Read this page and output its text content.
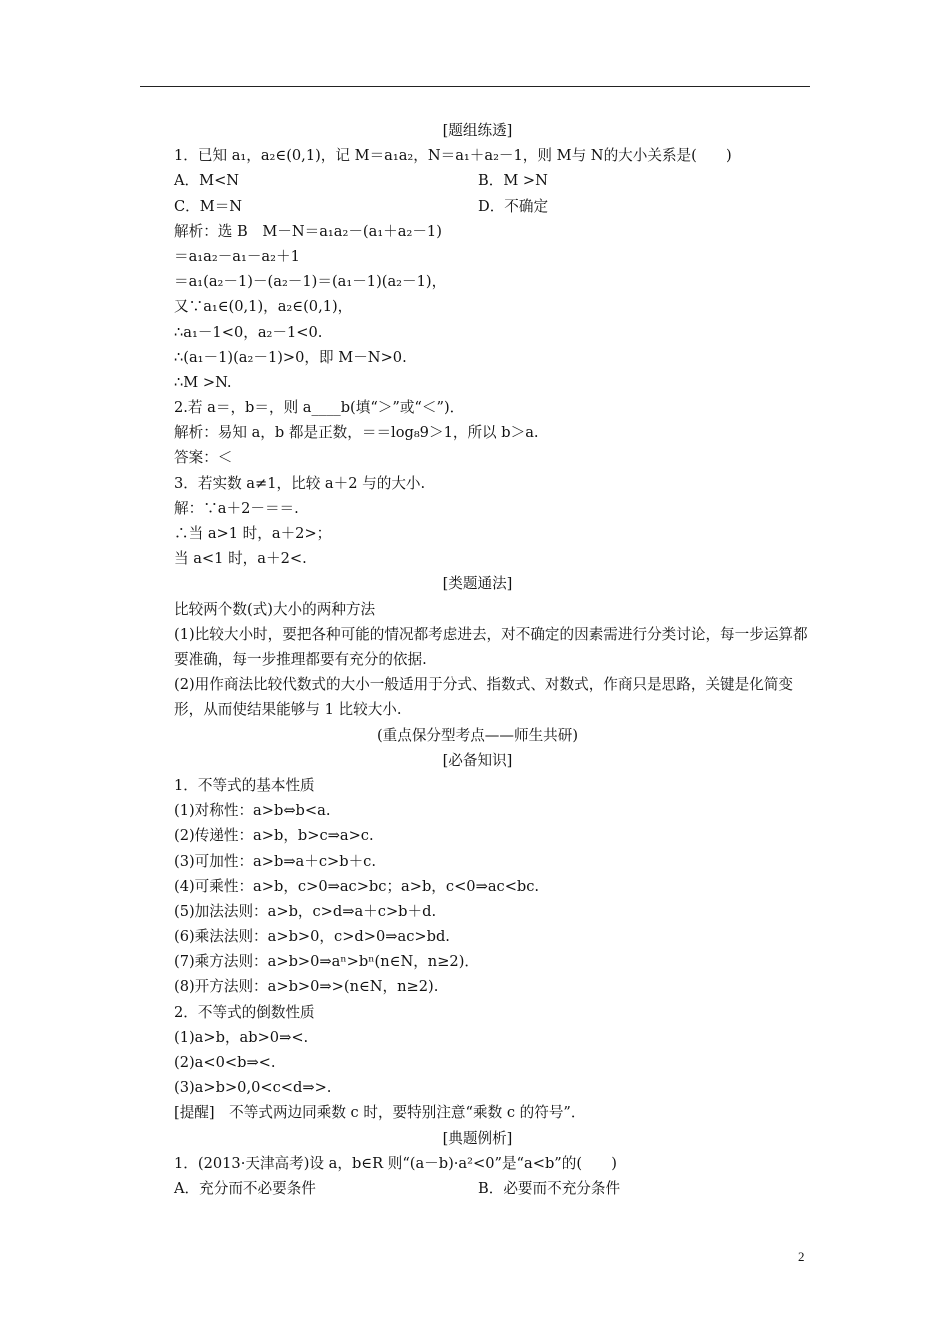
[题组练透]
1．已知 a₁，a₂∈(0,1)，记 M＝a₁a₂，N＝a₁＋a₂－1，则 M与 N的大小关系是(　　)
A．M<N	B．M >N
C．M＝N	D．不确定
解析：选 B　M－N＝a₁a₂－(a₁＋a₂－1)
＝a₁a₂－a₁－a₂＋1
＝a₁(a₂－1)－(a₂－1)＝(a₁－1)(a₂－1)，
又∵a₁∈(0,1)，a₂∈(0,1)，
∴a₁－1<0，a₂－1<0.
∴(a₁－1)(a₂－1)>0，即 M－N>0.
∴M >N.
2.若 a＝，b＝，则 a____b(填“＞”或“＜”)．
解析：易知 a，b 都是正数，＝＝log₈9＞1，所以 b＞a.
答案：＜
3．若实数 a≠1，比较 a＋2 与的大小.
解：∵a＋2－＝＝.
∴当 a>1 时，a＋2>；
当 a<1 时，a＋2<.
[类题通法]
比较两个数(式)大小的两种方法
(1)比较大小时，要把各种可能的情况都考虑进去，对不确定的因素需进行分类讨论，每一步运算都要准确，每一步推理都要有充分的依据.
(2)用作商法比较代数式的大小一般适用于分式、指数式、对数式，作商只是思路，关键是化简变形，从而使结果能够与 1 比较大小.
(重点保分型考点——师生共研)
[必备知识]
1．不等式的基本性质
(1)对称性：a>b⇔b<a.
(2)传递性：a>b，b>c⇒a>c.
(3)可加性：a>b⇒a＋c>b＋c.
(4)可乘性：a>b，c>0⇒ac>bc；a>b，c<0⇒ac<bc.
(5)加法法则：a>b，c>d⇒a＋c>b＋d.
(6)乘法法则：a>b>0，c>d>0⇒ac>bd.
(7)乘方法则：a>b>0⇒aⁿ>bⁿ(n∈N，n≥2)．
(8)开方法则：a>b>0⇒>(n∈N，n≥2).
2．不等式的倒数性质
(1)a>b，ab>0⇒<.
(2)a<0<b⇒<.
(3)a>b>0,0<c<d⇒>.
[提醒]　不等式两边同乘数 c 时，要特别注意“乘数 c 的符号”．
[典题例析]
1．(2013·天津高考)设 a，b∈R 则“(a－b)·a²<0”是“a<b”的(　　)
A．充分而不必要条件	B．必要而不充分条件
2
